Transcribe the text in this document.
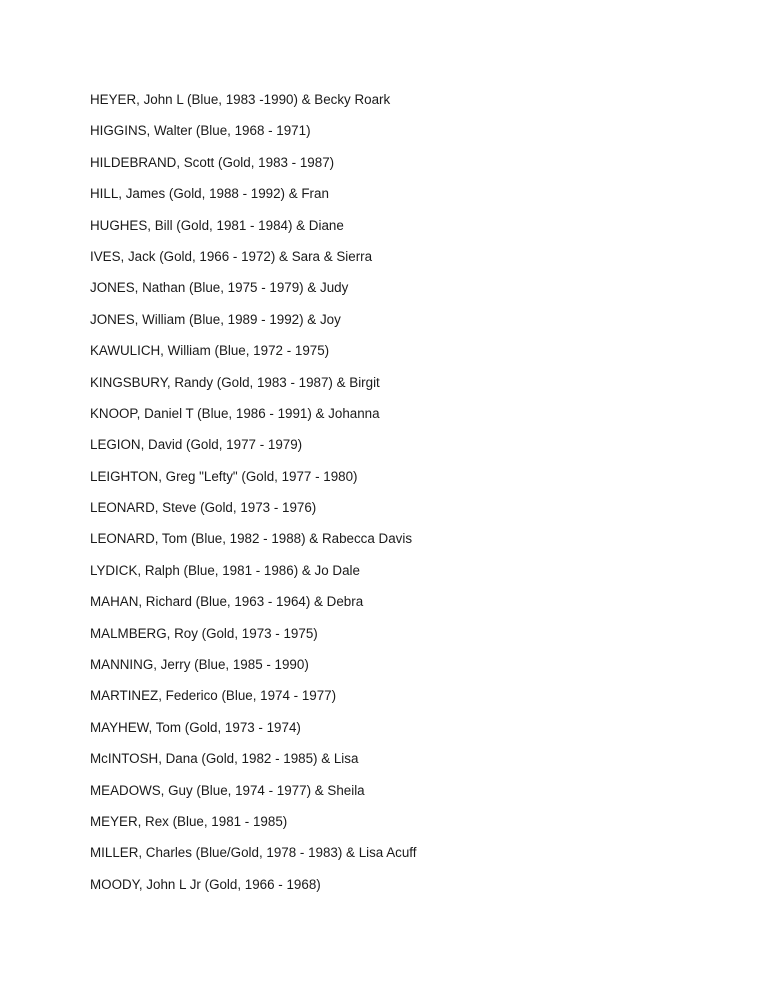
HEYER, John L (Blue, 1983 -1990) & Becky Roark
HIGGINS, Walter (Blue, 1968 - 1971)
HILDEBRAND, Scott (Gold, 1983 - 1987)
HILL, James (Gold, 1988 - 1992) & Fran
HUGHES, Bill (Gold, 1981 - 1984) & Diane
IVES, Jack (Gold, 1966 - 1972) & Sara & Sierra
JONES, Nathan (Blue, 1975 - 1979) & Judy
JONES, William (Blue, 1989 - 1992) & Joy
KAWULICH, William (Blue, 1972 - 1975)
KINGSBURY, Randy (Gold, 1983 - 1987) & Birgit
KNOOP, Daniel T (Blue, 1986 - 1991) & Johanna
LEGION, David (Gold, 1977 - 1979)
LEIGHTON, Greg "Lefty" (Gold, 1977 - 1980)
LEONARD, Steve (Gold, 1973 - 1976)
LEONARD, Tom (Blue, 1982 - 1988) & Rabecca Davis
LYDICK, Ralph (Blue, 1981 - 1986) & Jo Dale
MAHAN, Richard (Blue, 1963 - 1964) & Debra
MALMBERG, Roy (Gold, 1973 - 1975)
MANNING, Jerry (Blue, 1985 - 1990)
MARTINEZ, Federico (Blue, 1974 - 1977)
MAYHEW, Tom (Gold, 1973 - 1974)
McINTOSH, Dana (Gold, 1982 - 1985) & Lisa
MEADOWS, Guy (Blue, 1974 - 1977) & Sheila
MEYER, Rex (Blue, 1981 - 1985)
MILLER, Charles (Blue/Gold, 1978 - 1983) & Lisa Acuff
MOODY, John L Jr (Gold, 1966 - 1968)
